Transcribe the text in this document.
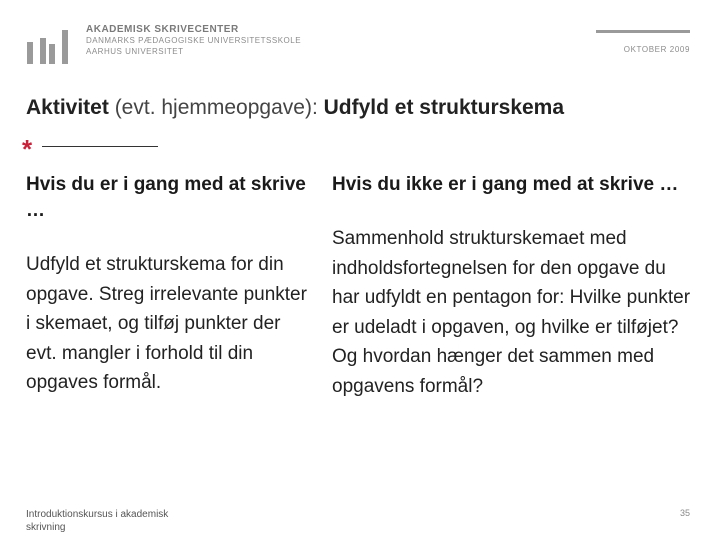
AKADEMISK SKRIVECENTER
DANMARKS PÆDAGOGISKE UNIVERSITETSSKOLE
AARHUS UNIVERSITET	OKTOBER 2009
Aktivitet (evt. hjemmeopgave): Udfyld et strukturskema
*
Hvis du er i gang med at skrive …

Udfyld et strukturskema for din opgave. Streg irrelevante punkter i skemaet, og tilføj punkter der evt. mangler i forhold til din opgaves formål.

Hvis du ikke er i gang med at skrive …

Sammenhold strukturskemaet med indholdsfortegnelsen for den opgave du har udfyldt en pentagon for: Hvilke punkter er udeladt i opgaven, og hvilke er tilføjet? Og hvordan hænger det sammen med opgavens formål?

Introduktionskursus i akademisk skrivning
35
